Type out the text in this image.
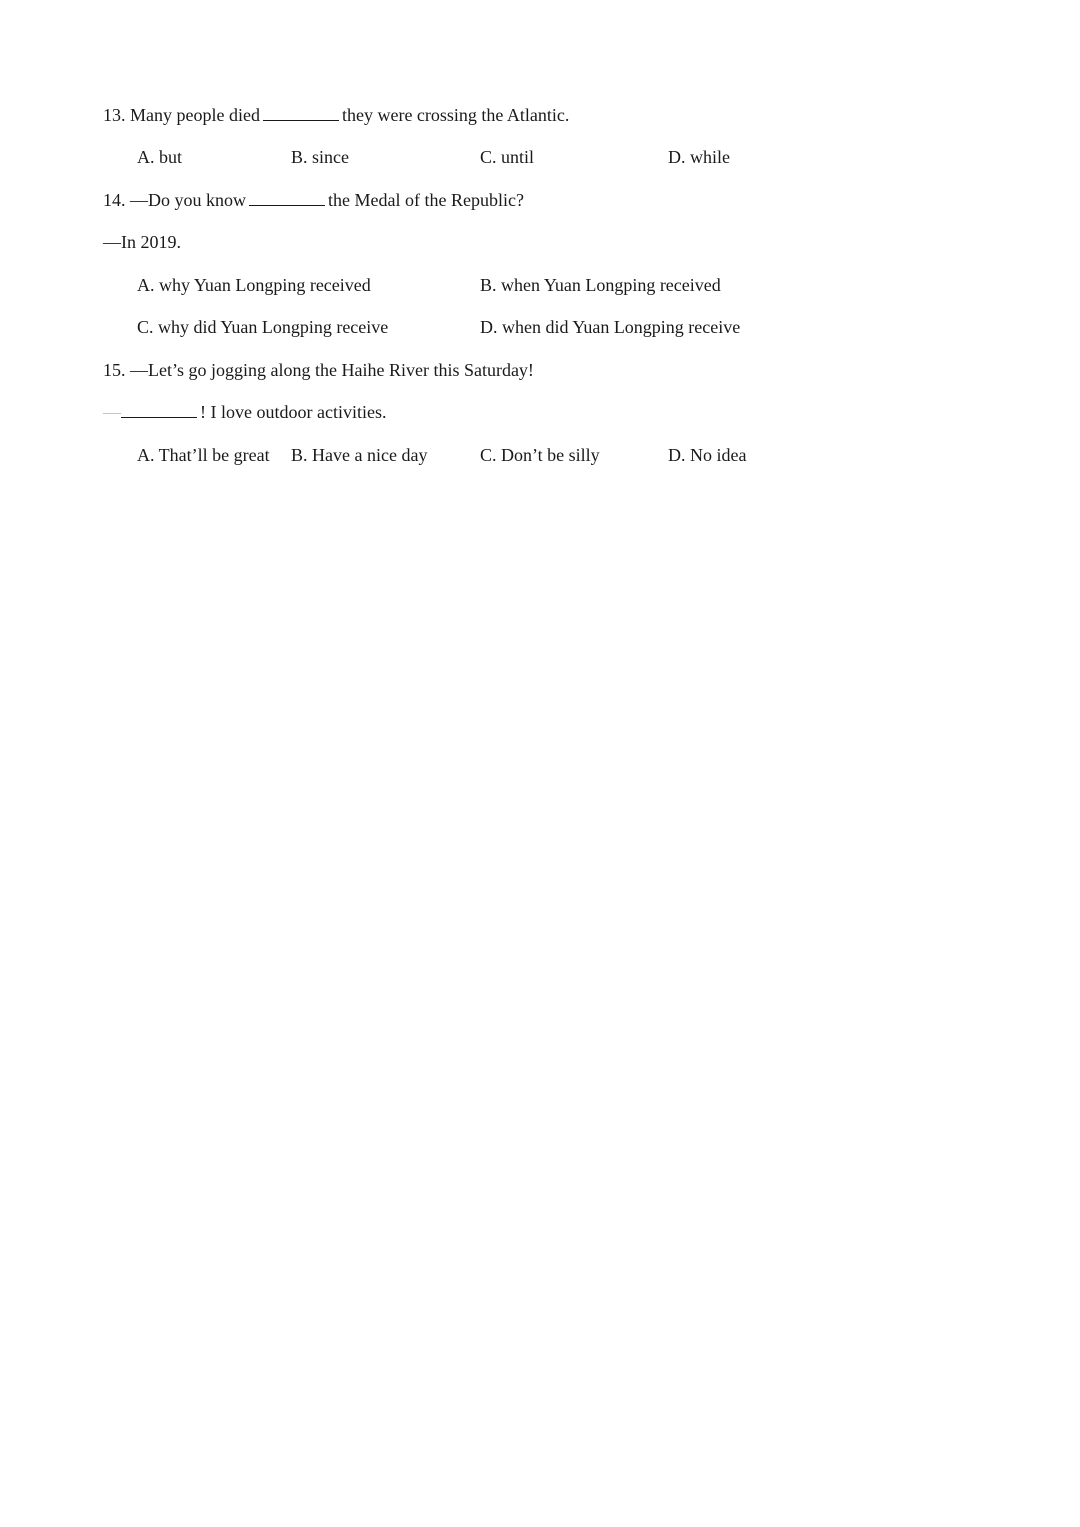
13. Many people died	they were crossing the Atlantic.
A. but	B. since	C. until	D. while
14. —Do you know	the Medal of the Republic?
—In 2019.
A. why Yuan Longping received	B. when Yuan Longping received
C. why did Yuan Longping receive	D. when did Yuan Longping receive
15. —Let’s go jogging along the Haihe River this Saturday!
—	! I love outdoor activities.
A. That’ll be great B. Have a nice day	C. Don’t be silly	D. No idea
